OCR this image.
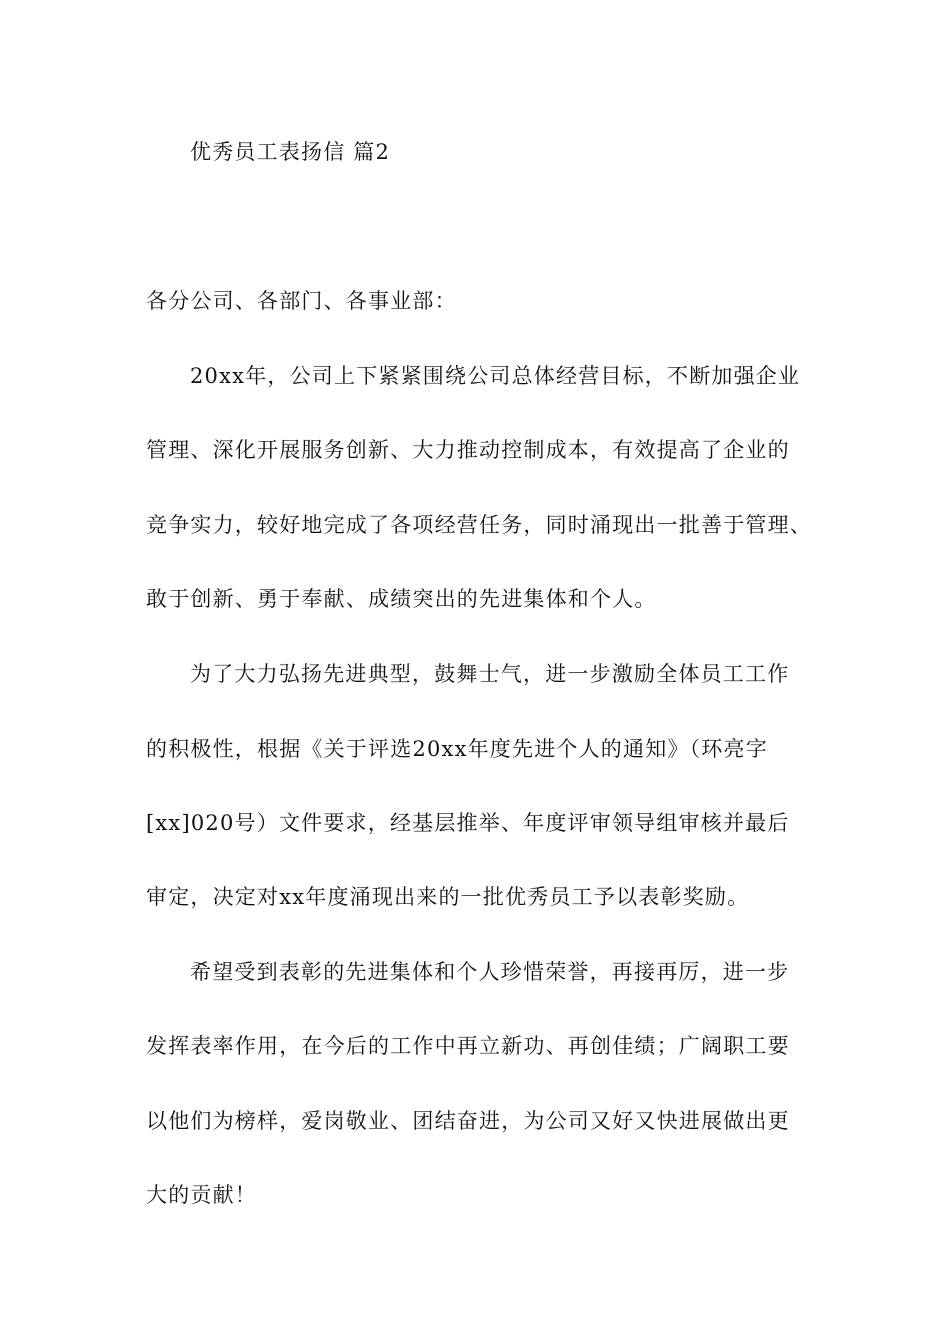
优秀员工表扬信 篇2
各分公司、各部门、各事业部：
20xx年，公司上下紧紧围绕公司总体经营目标，不断加强企业
管理、深化开展服务创新、大力推动控制成本，有效提高了企业的
竞争实力，较好地完成了各项经营任务，同时涌现出一批善于管理、
敢于创新、勇于奉献、成绩突出的先进集体和个人。
为了大力弘扬先进典型，鼓舞士气，进一步激励全体员工工作
的积极性，根据《关于评选20xx年度先进个人的通知》（环亮字
[xx]020号）文件要求，经基层推举、年度评审领导组审核并最后
审定，决定对xx年度涌现出来的一批优秀员工予以表彰奖励。
希望受到表彰的先进集体和个人珍惜荣誉，再接再厉，进一步
发挥表率作用，在今后的工作中再立新功、再创佳绩；广阔职工要
以他们为榜样，爱岗敬业、团结奋进，为公司又好又快进展做出更
大的贡献！
